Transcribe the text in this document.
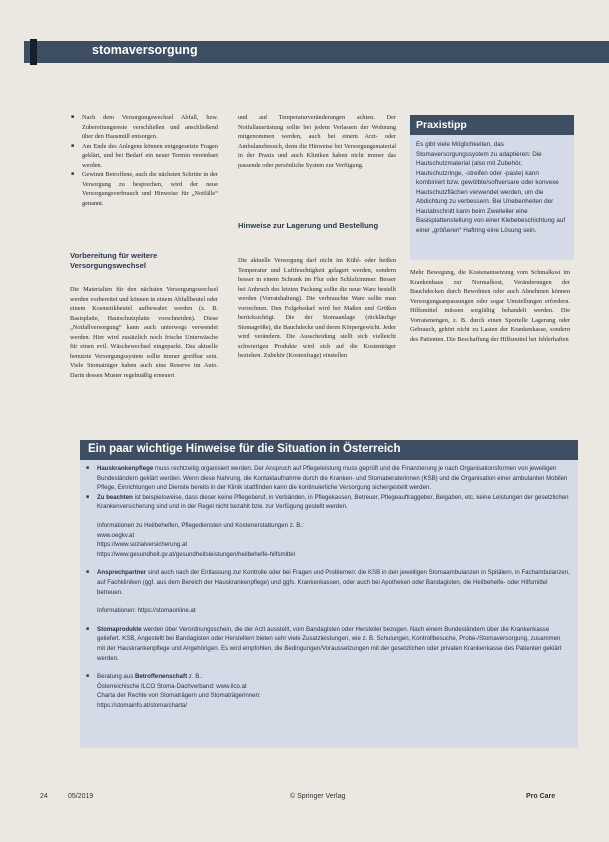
stomaversorgung
■ Nach dem Versorgungswechsel Abfall, bzw. Zubereitungsreste verschließen und anschließend über den Hausmüll entsorgen.
■ Am Ende des Anlegens können entgegesetzte Fragen geklärt, und bei Bedarf ein neuer Termin vereinbart werden.
■ Gewinnt Betroffene, auch die nächsten Schritte in der Versorgung zu besprechen, wird der neue Versorgungsverbrauch und Hinweise für „Notfälle“ genannt.
Vorbereitung für weitere Versorgungswechsel
Die Materialien für den nächsten Versorgungswechsel werden vorbereitet und können in einem Abfallbeutel oder einem Kosmetikbeutel aufbewahrt werden (z. B. Basisplatte, Hautschutzplatte vorschneiden). Diese „Notfallversorgung“ kann auch unterwegs verwendet werden. Hier wird zusätzlich noch frische Unterwäsche für einen evtl. Wäschewechsel eingepackt. Das aktuelle benutzte Versorgungssystem sollte immer greifbar sein. Viele Stomaträger haben auch eine Reserve im Auto. Darin dessen Muster regelmäßig erneuert
und auf Temperaturveränderungen achten. Der Notfallausrüstung sollte bei jedem Verlassen der Wohnung mitgenommen werden, auch bei einem Arzt- oder Ambulanzbesuch, denn die Hinweise bei Versorgungsmaterial in der Praxis und auch Kliniken haben nicht immer das passende oder persönliche System zur Verfügung.
Hinweise zur Lagerung und Bestellung
Die aktuelle Versorgung darf nicht im Kühl- oder heißen Temperatur und Luftfeuchtigkeit gelagert werden, sondern besser in einem Schrank im Flur oder Schlafzimmer. Besser bei Anbruch des letzten Packung sollte die neue Ware bestellt werden (Vorratshaltung). Die verbrauchte Ware sollte man vorrechnen. Den Folgebedarf wird bei Maßen und Größen berücksichtigt. Die der Stomaanlage (rückläufige Stomagröße), die Bauchdecke und deren Körpergewicht. Jeder wird verändern. Die Ausscheidung stellt sich vielleicht schwierigen Produkte wird sich auf die Kostenträger beziehen. Zubehör (Kostenfrage) einstellen
Praxistipp
Es gibt viele Möglichkeiten, das Stomaversorgungssystem zu adaptieren: Die Hautschutzmaterial (also mit Zubehör, Hautschutzringe, -streifen oder -paste) kann kombiniert bzw. gewölbte/softversare oder konvexe Hautschutzflächen verwendet werden, um die Abdichtung zu verbessern. Bei Unebenheiten der Hautabschnitt kann beim Zweiteiler eine Basisplattenstellung von einer Klebebeschichtung auf einer „größeren“ Haftring eine Lösung sein.
Mehr Bewegung, die Kostenantsetzung vom Schmalkost im Krankenhaus zur Normalkost, Veränderungen der Bauchdecken durch Bewohnen oder auch Abnehmen können Versorgungsanpassungen oder sogar Umstellungen erfordern. Hilfsmittel müssen sorgfältig behandelt werden. Die Vorratsmengen, z. B. durch einen Sportelle Lagerung oder Gebrauch, gehört nicht zu Lasten der Krankenkasse, sondern des Patienten. Die Beschaffung der Hilfsmittel bei fehlerhaften
Ein paar wichtige Hinweise für die Situation in Österreich

■ Hauskrankenpflege muss rechtzeitig organisiert werden. Der Anspruch auf Pflegeleistung muss geprüft und die Finanzierung je nach Organisationsformen von jeweiligen Bundesländern geklärt werden. Wenn diese Nahrung, die Kontaktaufnahme durch die Kranken- und Stomaberaterinnen (KSB) und die Organisation einer ambulanten Mobilen Pflege, Einrichtungen und Dienste bereits in der Klinik stattfinden kann die kontinuierliche Versorgung sichergestellt werden.

■ Zu beachten ist beispielsweise, dass dieser keine Pflegeberuf, in Verbänden, in Pflegekassen, Betreuer, Pflegeauftraggeber, Beigaben, etc. keine Leistungen der gesetzlichen Krankenversicherung sind und in der Regel nicht bezahlt bzw. zur Verfügung gestellt werden.

Informationen zu Heilbehelfen, Pflegediensten und Kostenerstattungen z. B.:

www.oegkv.at

https://www.sozialversicherung.at

https://www.gesundheit.gv.at/gesundheitsleistungen/heilbehelfe-hilfsmittel

■ Ansprechpartner sind auch nach der Entlassung zur Kontrolle oder bei Fragen und Problemen: die KSB in den jeweiligen Stomaambulanzen in Spitälern, in Fachambulanzen, auf Fachkliniken (ggf. aus dem Bereich der Hauskrankenpflege) und ggfs. Krankenkassen, oder auch bei Apotheken oder Bandagisten, die Heilbehelfe- oder Hilfsmittel betreuen.

Informationen: https://stomaonline.at

■ Stomaprodukte werden über Verordnungsschein, die der Arzt ausstellt, vom Bandagisten oder Hersteller bezogen. Nach einem Bundesländern über die Krankenkasse geliefert. KSB, Angestellt bei Bandagisten oder Herstellern bieten sehr viele Zusatzleistungen, wie z. B. Schulungen, Kontrollbesuche, Probe-/Stomaversorgung, zusammen mit der Hauskrankenpflege und Angehörigen. Es wird empfohlen, die Bedingungen/Voraussetzungen mit der gesetzlichen oder privaten Krankenkasse des Patienten geklärt werden.

■ Beratung aus Betroffenenschaft z. B.:

Österreichische ILCO Stoma-Dachverband: www.ilco.at

Charta der Rechte von Stomaträgern und Stomaträgerinnen:

https://stomainfo.at/stoma/charta/

24	05/2019	© Springer Verlag	Pro Care
